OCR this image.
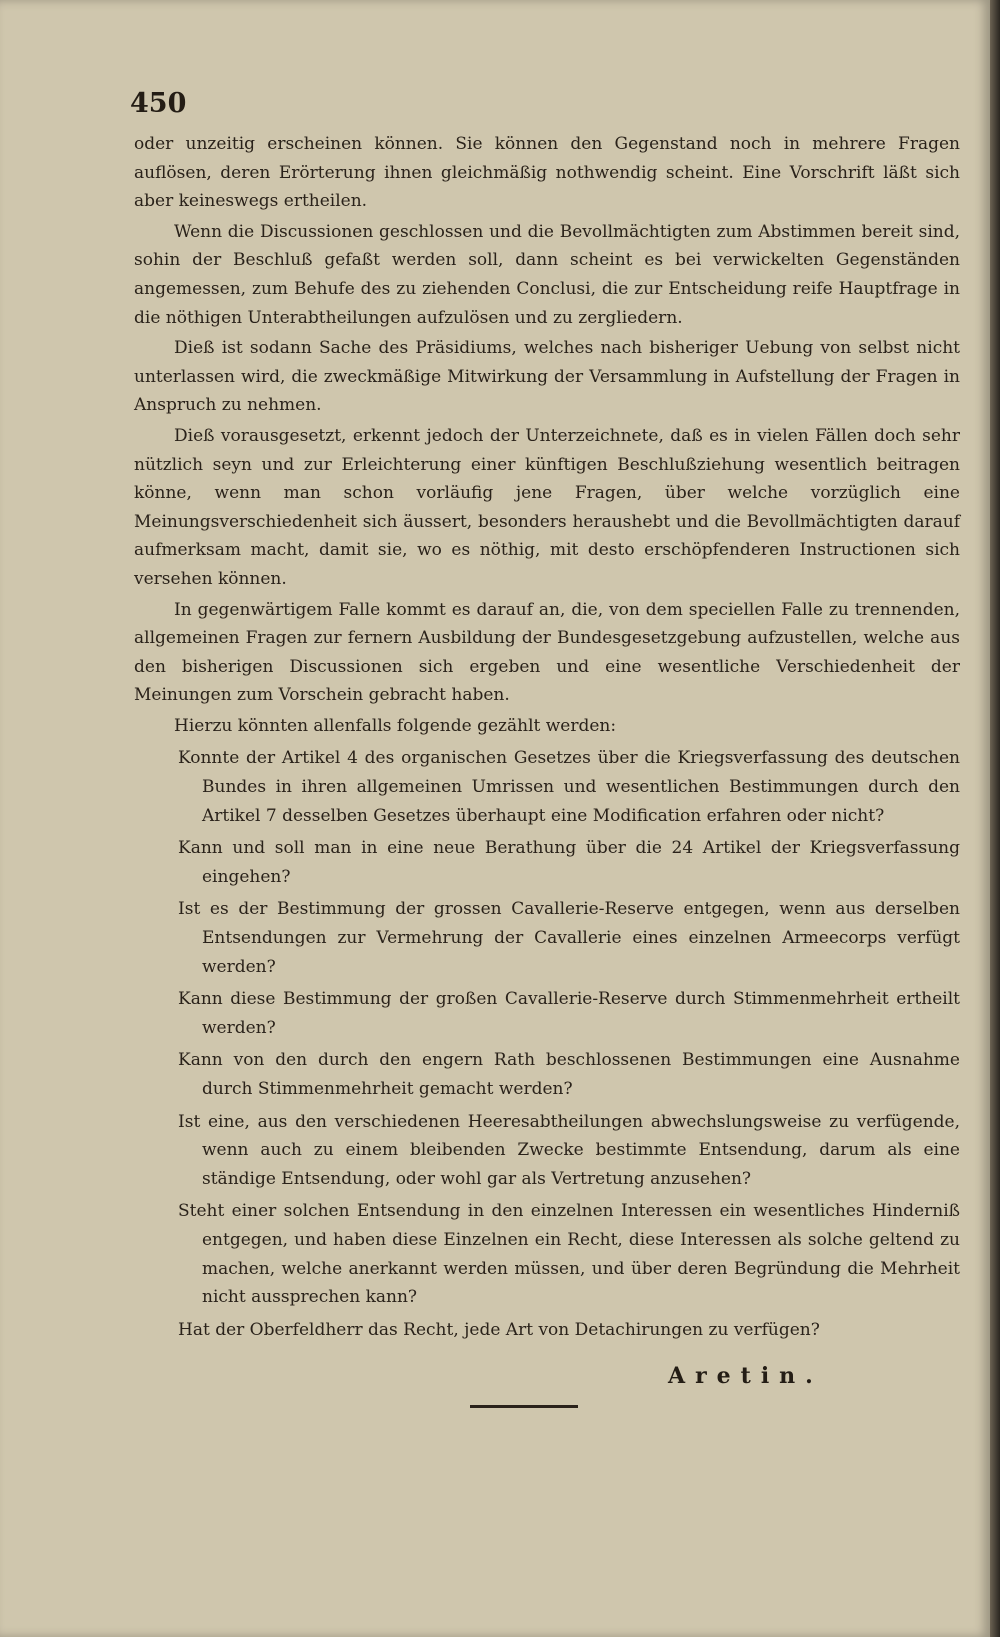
450

oder unzeitig erscheinen können. Sie können den Gegenstand noch in mehrere Fragen auflösen, deren Erörterung ihnen gleichmäßig nothwendig scheint. Eine Vorschrift läßt sich aber keineswegs ertheilen.

Wenn die Discussionen geschlossen und die Bevollmächtigten zum Abstimmen bereit sind, sohin der Beschluß gefaßt werden soll, dann scheint es bei verwickelten Gegenständen angemessen, zum Behufe des zu ziehenden Conclusi, die zur Entscheidung reife Hauptfrage in die nöthigen Unterabtheilungen aufzulösen und zu zergliedern.

Dieß ist sodann Sache des Präsidiums, welches nach bisheriger Uebung von selbst nicht unterlassen wird, die zweckmäßige Mitwirkung der Versammlung in Aufstellung der Fragen in Anspruch zu nehmen.

Dieß vorausgesetzt, erkennt jedoch der Unterzeichnete, daß es in vielen Fällen doch sehr nützlich seyn und zur Erleichterung einer künftigen Beschlußziehung wesentlich beitragen könne, wenn man schon vorläufig jene Fragen, über welche vorzüglich eine Meinungsverschiedenheit sich äussert, besonders heraushebt und die Bevollmächtigten darauf aufmerksam macht, damit sie, wo es nöthig, mit desto erschöpfenderen Instructionen sich versehen können.

In gegenwärtigem Falle kommt es darauf an, die, von dem speciellen Falle zu trennenden, allgemeinen Fragen zur fernern Ausbildung der Bundesgesetzgebung aufzustellen, welche aus den bisherigen Discussionen sich ergeben und eine wesentliche Verschiedenheit der Meinungen zum Vorschein gebracht haben.

Hierzu könnten allenfalls folgende gezählt werden:

Konnte der Artikel 4 des organischen Gesetzes über die Kriegsverfassung des deutschen Bundes in ihren allgemeinen Umrissen und wesentlichen Bestimmungen durch den Artikel 7 desselben Gesetzes überhaupt eine Modification erfahren oder nicht?

Kann und soll man in eine neue Berathung über die 24 Artikel der Kriegsverfassung eingehen?

Ist es der Bestimmung der grossen Cavallerie-Reserve entgegen, wenn aus derselben Entsendungen zur Vermehrung der Cavallerie eines einzelnen Armeecorps verfügt werden?

Kann diese Bestimmung der großen Cavallerie-Reserve durch Stimmenmehrheit ertheilt werden?

Kann von den durch den engern Rath beschlossenen Bestimmungen eine Ausnahme durch Stimmenmehrheit gemacht werden?

Ist eine, aus den verschiedenen Heeresabtheilungen abwechslungsweise zu verfügende, wenn auch zu einem bleibenden Zwecke bestimmte Entsendung, darum als eine ständige Entsendung, oder wohl gar als Vertretung anzusehen?

Steht einer solchen Entsendung in den einzelnen Interessen ein wesentliches Hinderniß entgegen, und haben diese Einzelnen ein Recht, diese Interessen als solche geltend zu machen, welche anerkannt werden müssen, und über deren Begründung die Mehrheit nicht aussprechen kann?

Hat der Oberfeldherr das Recht, jede Art von Detachirungen zu verfügen?

Aretin.
